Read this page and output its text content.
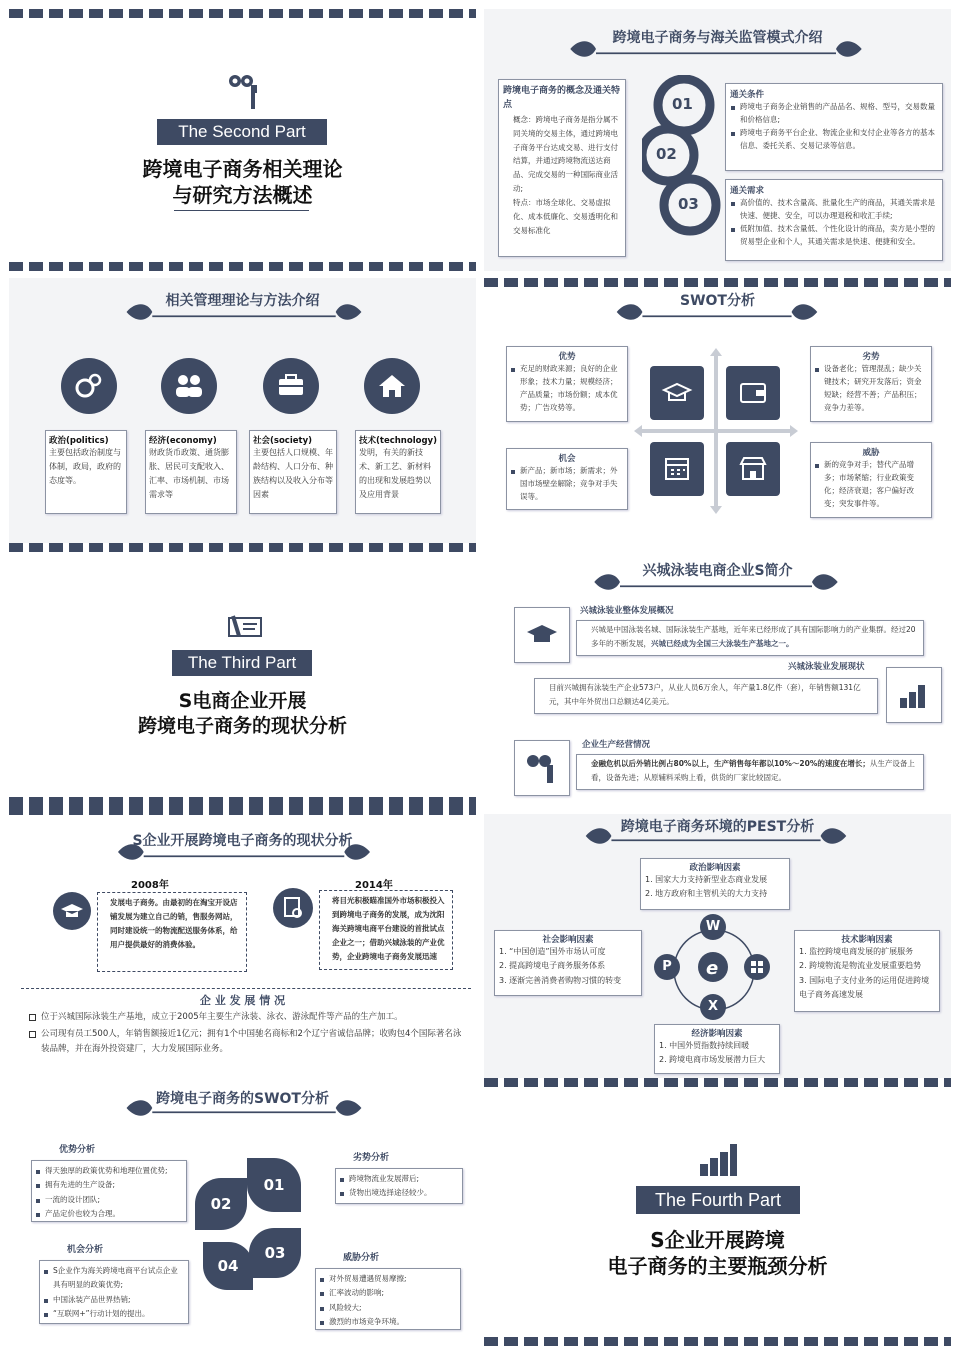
The Second Part
跨境电子商务相关理论
与研究方法概述
跨境电子商务与海关监管模式介绍
跨境电子商务的概念及通关特点
概念：跨境电子商务是指分属不同关境的交易主体，通过跨境电子商务平台达成交易、进行支付结算，并通过跨境物流送达商品、完成交易的一种国际商业活动;
特点：市场全球化、交易虚拟化、成本低廉化、交易透明化和交易标准化
01
02
03
通关条件
跨境电子商务企业销售的产品品名、规格、型号，交易数量和价格信息;
跨境电子商务平台企业、物流企业和支付企业等各方的基本信息、委托关系、交易记录等信息。
通关需求
高价值的、技术含量高、批量化生产的商品，其通关需求是快速、便捷、安全，可以办理退税和收汇手续;
低附加值、技术含量低、个性化设计的商品，卖方是小型的贸易型企业和个人，其通关需求是快速、便捷和安全。
相关管理理论与方法介绍
政治(politics)
主要包括政治制度与体制，政局，政府的态度等。
经济(economy)
财政货币政策、通货膨胀、居民可支配收入、汇率、市场机制、市场需求等
社会(society)
主要包括人口规模、年龄结构、人口分布、种族结构以及收入分布等因素
技术(technology)
发明，有关的新技术、新工艺、新材料的出现和发展趋势以及应用背景
SWOT分析
优势
充足的财政来源；良好的企业形象；技术力量；规模经济；产品质量；市场份额；成本优势；广告攻势等。
机会
新产品；新市场；新需求；外国市场壁垒解除；竞争对手失误等。
劣势
设备老化；管理混乱；缺少关键技术；研究开发落后；资金短缺；经营不善；产品积压；竞争力差等。
威胁
新的竞争对手；替代产品增多；市场紧缩；行业政策变化；经济衰退；客户偏好改变；突发事件等。
The Third Part
S电商企业开展
跨境电子商务的现状分析
兴城泳装电商企业S简介
兴城泳装业整体发展概况
兴城是中国泳装名城、国际泳装生产基地，近年来已经形成了具有国际影响力的产业集群。经过20多年的不断发展，兴城已经成为全国三大泳装生产基地之一。
兴城泳装业发展现状
目前兴城拥有泳装生产企业573户，从业人员6万余人，年产量1.8亿件（套），年销售额131亿元，其中年外贸出口总额达4亿美元。
企业生产经营情况
金融危机以后外销比例占80%以上，生产销售每年都以10%～20%的速度在增长；从生产设备上看，设备先进；从原辅料采购上看，供货的厂家比较固定。
S企业开展跨境电子商务的现状分析
2008年	2014年
发展电子商务。由最初的在淘宝开设店铺发展为建立自己的销，售服务网站，同时建设统一的物流配送服务体系，给用户提供最好的消费体验。
将目光积极瞄准国外市场积极投入到跨境电子商务的发展，成为沈阳海关跨境电商平台建设的首批试点企业之一；借助兴城泳装的产业优势，企业跨境电子商务发展迅速
企 业 发 展 情 况
位于兴城国际泳装生产基地，成立于2005年主要生产泳装、泳衣、游泳配件等产品的生产加工。
公司现有员工500人，年销售额接近1亿元；拥有1个中国驰名商标和2个辽宁省诚信品牌；收购包4个国际著名泳装品牌，并在海外投资建厂，大力发展国际业务。
跨境电子商务环境的PEST分析
政治影响因素
1. 国家大力支持新型业态商业发展
2. 地方政府和主管机关的大力支持
社会影响因素
1. “中国创造”国外市场认可度
2. 提高跨境电子商务服务体系
3. 逐渐完善消费者购物习惯的转变
技术影响因素
1. 监控跨境电商发展的扩展服务
2. 跨境物流是物流业发展重要趋势
3. 国际电子支付业务的运用促进跨境电子商务高速发展
经济影响因素
1. 中国外贸指数持续回暖
2. 跨境电商市场发展潜力巨大
W
P
X
e
跨境电子商务的SWOT分析
优势分析
得天独厚的政策优势和地理位置优势;
拥有先进的生产设备;
一流的设计团队;
产品定价也较为合理。
劣势分析
跨境物流业发展滞后;
货物出境选择途径较少。
机会分析
S企业作为海关跨境电商平台试点企业具有明显的政策优势;
中国泳装产品世界热销;
“互联网+”行动计划的提出。
威胁分析
对外贸易遭遇贸易摩擦;
汇率波动的影响;
风险较大;
激烈的市场竞争环境。
02
01
04
03
The Fourth Part
S企业开展跨境
电子商务的主要瓶颈分析
